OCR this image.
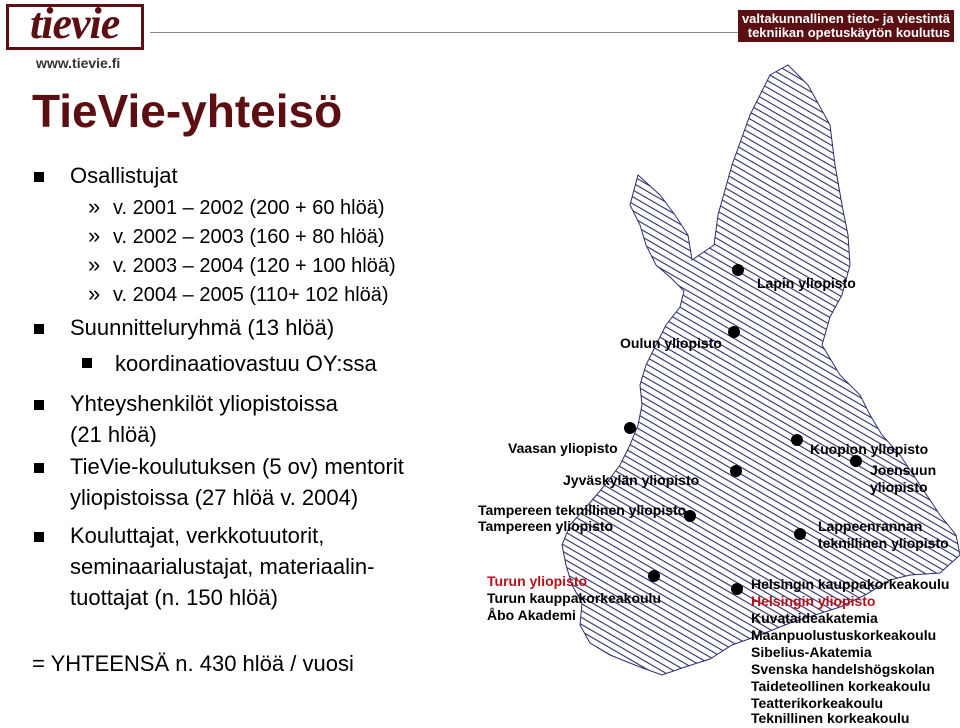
tievie
www.tievie.fi
valtakunnallinen tieto- ja viestintä
tekniikan opetuskäytön koulutus
TieVie-yhteisö
Lapin yliopisto
Oulun yliopisto
Vaasan yliopisto	Kuopion yliopisto
Jyväskylän yliopisto
Joensuun
yliopisto
Tampereen teknillinen yliopisto
Tampereen yliopisto	Lappeenrannan
teknillinen yliopisto
Turun yliopisto
Turun kauppakorkeakoulu
Åbo Akademi
Helsingin kauppakorkeakoulu
Helsingin yliopisto
Kuvataideakatemia
Maanpuolustuskorkeakoulu
Sibelius-Akatemia
Svenska handelshögskolan
Taideteollinen korkeakoulu
Teatterikorkeakoulu
Teknillinen korkeakoulu
Osallistujat
» v. 2001 – 2002 (200 + 60 hlöä)
» v. 2002 – 2003 (160 + 80 hlöä)
» v. 2003 – 2004 (120 + 100 hlöä)
» v. 2004 – 2005 (110+ 102 hlöä)
Suunnitteluryhmä (13 hlöä)
koordinaatiovastuu OY:ssa
Yhteyshenkilöt yliopistoissa
(21 hlöä)
TieVie-koulutuksen (5 ov) mentorit
yliopistoissa (27 hlöä v. 2004)
Kouluttajat, verkkotuutorit,
seminaarialustajat, materiaalin-
tuottajat (n. 150 hlöä)
= YHTEENSÄ n. 430 hlöä / vuosi
